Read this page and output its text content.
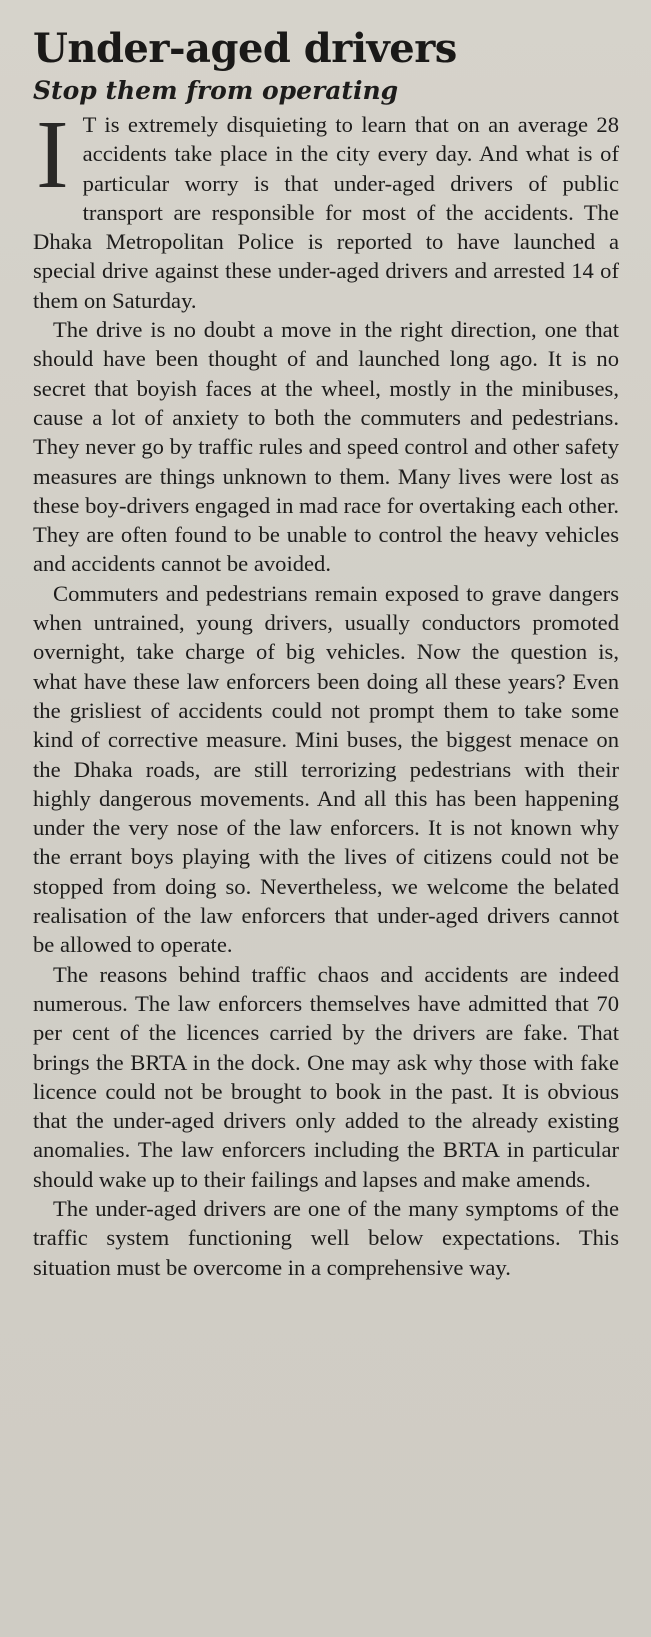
Under-aged drivers
Stop them from operating

I T is extremely disquieting to learn that on an average 28 accidents take place in the city every day. And what is of particular worry is that under-aged drivers of public transport are responsible for most of the accidents. The Dhaka Metropolitan Police is reported to have launched a special drive against these under-aged drivers and arrested 14 of them on Saturday.

The drive is no doubt a move in the right direction, one that should have been thought of and launched long ago. It is no secret that boyish faces at the wheel, mostly in the minibuses, cause a lot of anxiety to both the commuters and pedestrians. They never go by traffic rules and speed control and other safety measures are things unknown to them. Many lives were lost as these boy-drivers engaged in mad race for overtaking each other. They are often found to be unable to control the heavy vehicles and accidents cannot be avoided.

Commuters and pedestrians remain exposed to grave dangers when untrained, young drivers, usually conductors promoted overnight, take charge of big vehicles. Now the question is, what have these law enforcers been doing all these years? Even the grisliest of accidents could not prompt them to take some kind of corrective measure. Mini buses, the biggest menace on the Dhaka roads, are still terrorizing pedestrians with their highly dangerous movements. And all this has been happening under the very nose of the law enforcers. It is not known why the errant boys playing with the lives of citizens could not be stopped from doing so. Nevertheless, we welcome the belated realisation of the law enforcers that under-aged drivers cannot be allowed to operate.

The reasons behind traffic chaos and accidents are indeed numerous. The law enforcers themselves have admitted that 70 per cent of the licences carried by the drivers are fake. That brings the BRTA in the dock. One may ask why those with fake licence could not be brought to book in the past. It is obvious that the under-aged drivers only added to the already existing anomalies. The law enforcers including the BRTA in particular should wake up to their failings and lapses and make amends.

The under-aged drivers are one of the many symptoms of the traffic system functioning well below expectations. This situation must be overcome in a comprehensive way.
